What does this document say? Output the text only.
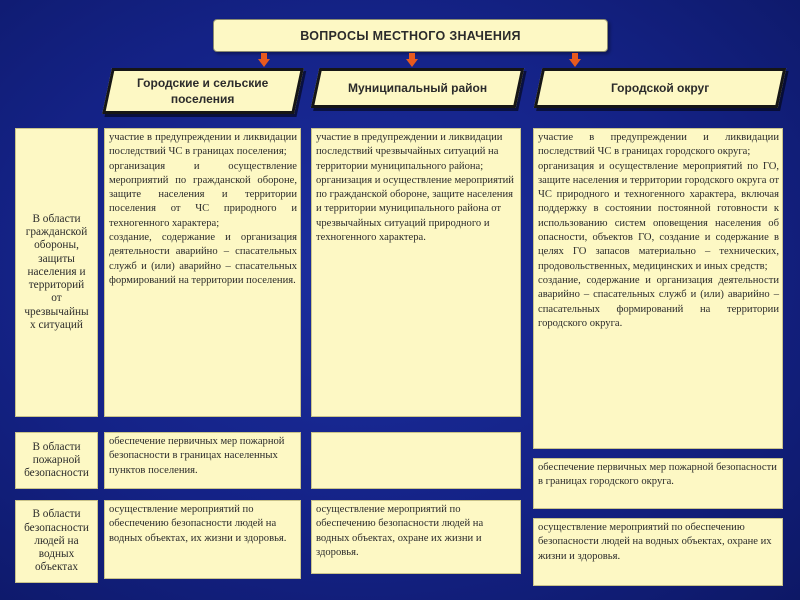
ВОПРОСЫ МЕСТНОГО ЗНАЧЕНИЯ
Городские и сельские
поселения
Муниципальный район	Городской округ
В области
гражданской
обороны,
защиты
населения и
территорий
от
чрезвычайны
х ситуаций
участие в предупреждении и ликвидации последствий ЧС в границах поселения;
организация и осуществление мероприятий по гражданской обороне, защите населения и территории поселения от ЧС природного и техногенного характера;
создание, содержание и организация деятельности аварийно – спасательных служб и (или) аварийно – спасательных формирований на территории поселения.
участие в предупреждении и ликвидации последствий чрезвычайных ситуаций на территории муниципального района;
организация и осуществление мероприятий по гражданской обороне, защите населения и территории муниципального района от чрезвычайных ситуаций природного и техногенного характера.
участие в предупреждении и ликвидации последствий ЧС в границах городского округа;
организация и осуществление мероприятий по ГО, защите населения и территории городского округа от ЧС природного и техногенного характера, включая поддержку в состоянии постоянной готовности к использованию систем оповещения населения об опасности, объектов ГО, создание и содержание в целях ГО запасов материально – технических, продовольственных, медицинских и иных средств;
создание, содержание и организация деятельности аварийно – спасательных служб и (или) аварийно – спасательных формирований на территории городского округа.
В области
пожарной
безопасности
обеспечение первичных мер пожарной безопасности в границах населенных пунктов поселения.	обеспечение первичных мер пожарной безопасности в границах городского округа.
В области
безопасности
людей на
водных
объектах
осуществление мероприятий по обеспечению безопасности людей на водных объектах, их жизни и здоровья.
осуществление мероприятий по обеспечению безопасности людей на водных объектах, охране их жизни и здоровья.
осуществление мероприятий по обеспечению безопасности людей на водных объектах, охране их жизни и здоровья.
